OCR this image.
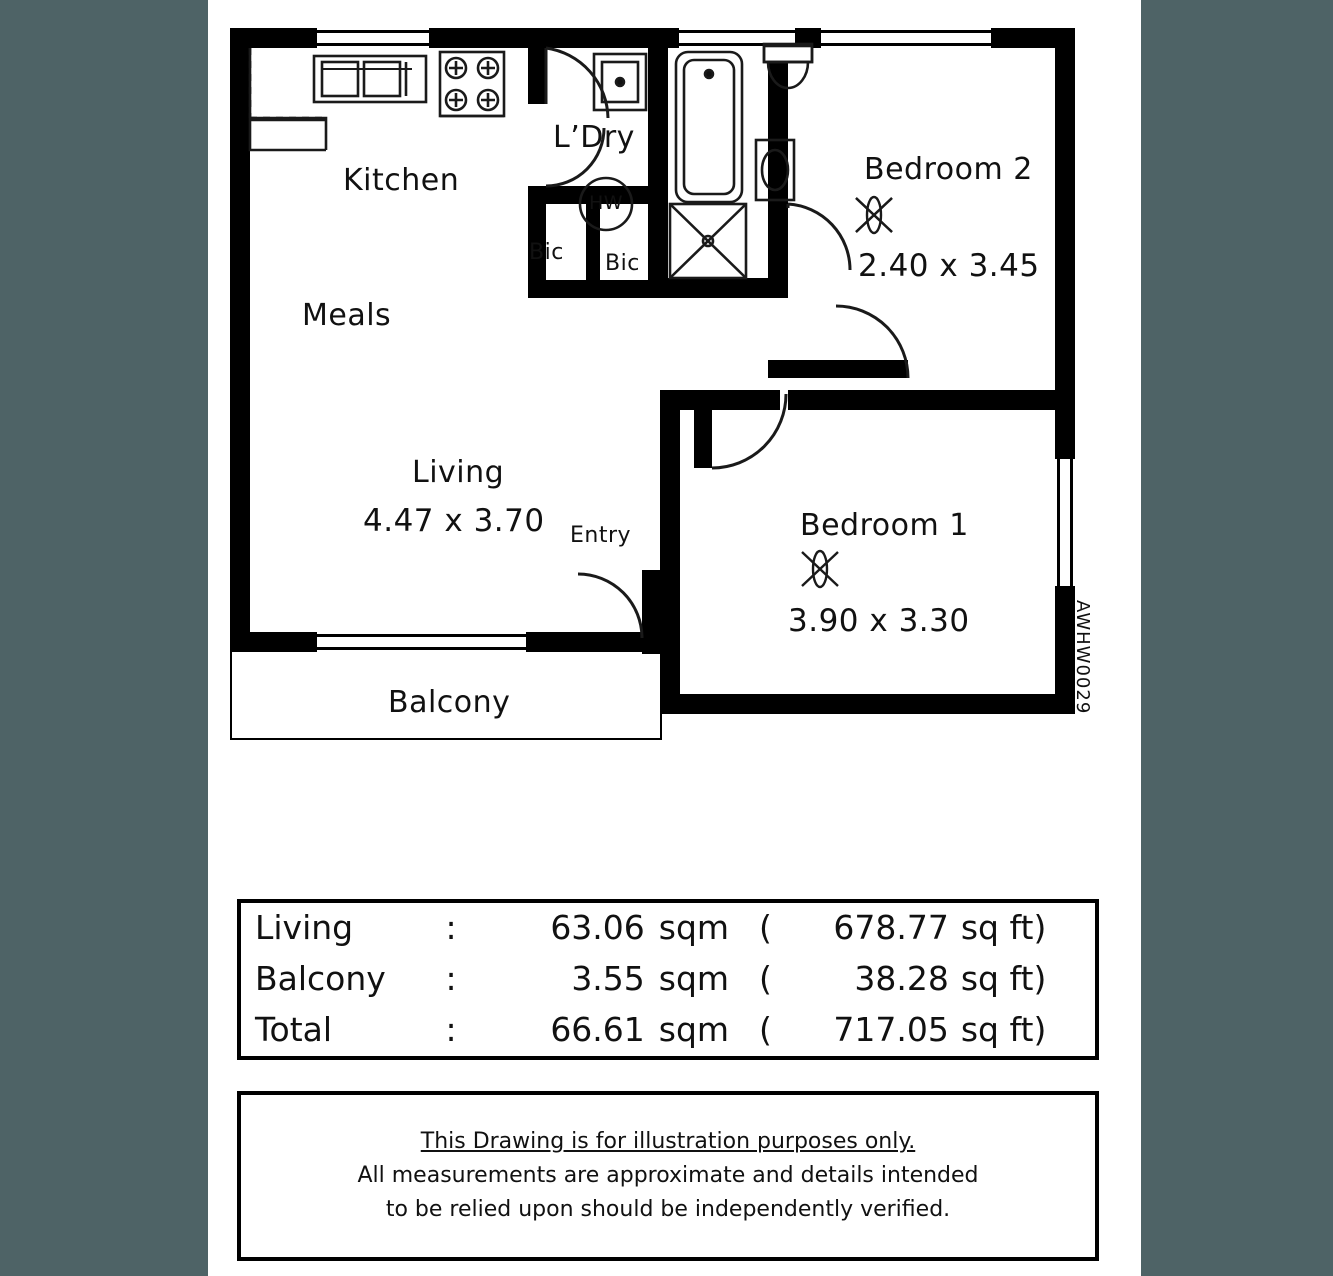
Kitchen
L’Dry
Meals
Living
4.47 x 3.70 Entry
Balcony
Bedroom 2
2.40 x 3.45
Bedroom 1
3.90 x 3.30
HW
Bic Bic
AWHW0029
Living	:	63.06	sqm	(	678.77	sq ft)
Balcony	:	3.55	sqm	(	38.28	sq ft)
Total	:	66.61	sqm	(	717.05	sq ft)
This Drawing is for illustration purposes only.
All measurements are approximate and details intended
to be relied upon should be independently verified.
